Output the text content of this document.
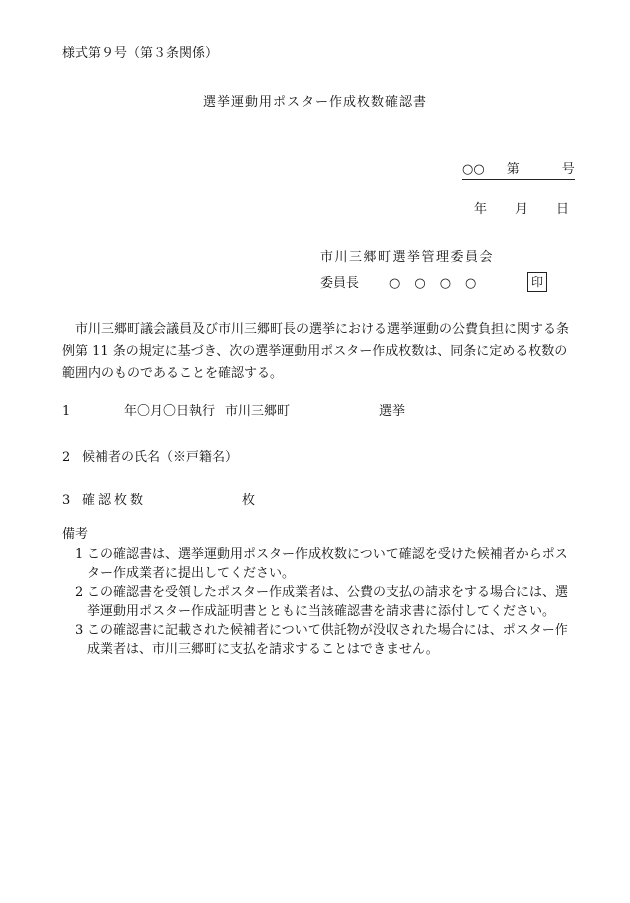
様式第９号（第３条関係）
選挙運動用ポスター作成枚数確認書
○○ 第	号
年 月 日
市川三郷町選挙管理委員会
委員長 ○○○○	印
市川三郷町議会議員及び市川三郷町長の選挙における選挙運動の公費負担に関する条例第 11 条の規定に基づき、次の選挙運動用ポスター作成枚数は、同条に定める枚数の範囲内のものであることを確認する。
1	年〇月〇日執行 市川三郷町	選挙
2 候補者の氏名（※戸籍名）
3 確認枚数	枚
備考
1 この確認書は、選挙運動用ポスター作成枚数について確認を受けた候補者からポスター作成業者に提出してください。
2 この確認書を受領したポスター作成業者は、公費の支払の請求をする場合には、選挙運動用ポスター作成証明書とともに当該確認書を請求書に添付してください。
3 この確認書に記載された候補者について供託物が没収された場合には、ポスター作成業者は、市川三郷町に支払を請求することはできません。
